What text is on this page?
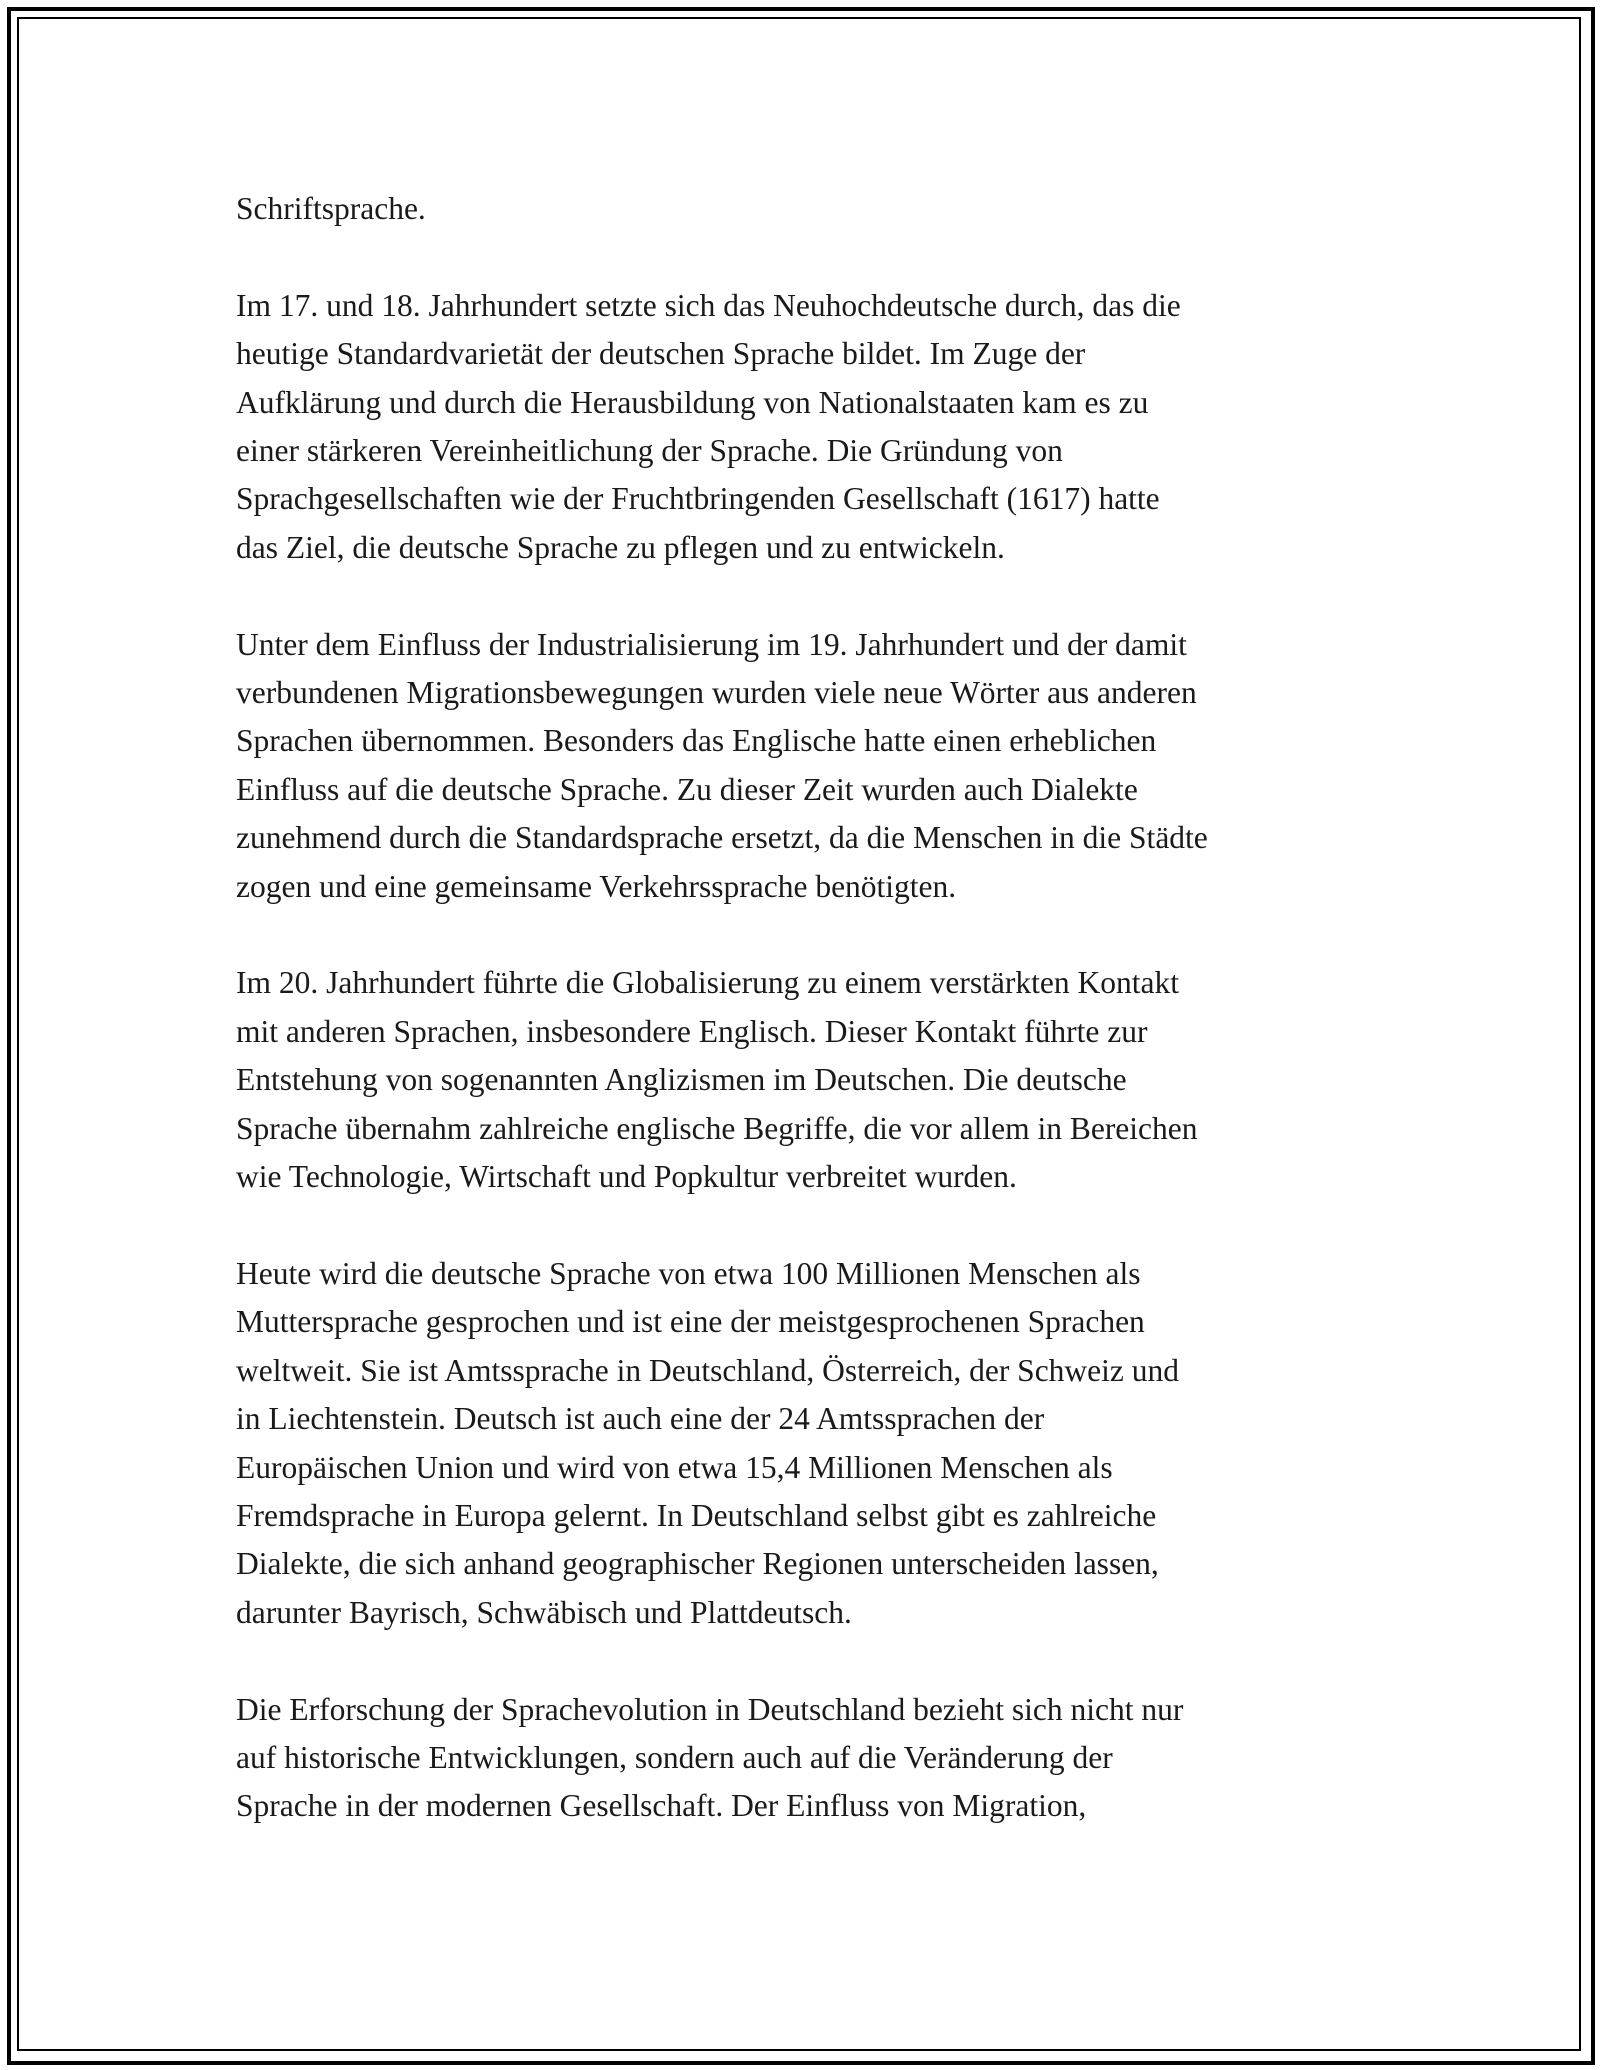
Schriftsprache.

Im 17. und 18. Jahrhundert setzte sich das Neuhochdeutsche durch, das die
heutige Standardvarietät der deutschen Sprache bildet. Im Zuge der
Aufklärung und durch die Herausbildung von Nationalstaaten kam es zu
einer stärkeren Vereinheitlichung der Sprache. Die Gründung von
Sprachgesellschaften wie der Fruchtbringenden Gesellschaft (1617) hatte
das Ziel, die deutsche Sprache zu pflegen und zu entwickeln.

Unter dem Einfluss der Industrialisierung im 19. Jahrhundert und der damit
verbundenen Migrationsbewegungen wurden viele neue Wörter aus anderen
Sprachen übernommen. Besonders das Englische hatte einen erheblichen
Einfluss auf die deutsche Sprache. Zu dieser Zeit wurden auch Dialekte
zunehmend durch die Standardsprache ersetzt, da die Menschen in die Städte
zogen und eine gemeinsame Verkehrssprache benötigten.

Im 20. Jahrhundert führte die Globalisierung zu einem verstärkten Kontakt
mit anderen Sprachen, insbesondere Englisch. Dieser Kontakt führte zur
Entstehung von sogenannten Anglizismen im Deutschen. Die deutsche
Sprache übernahm zahlreiche englische Begriffe, die vor allem in Bereichen
wie Technologie, Wirtschaft und Popkultur verbreitet wurden.

Heute wird die deutsche Sprache von etwa 100 Millionen Menschen als
Muttersprache gesprochen und ist eine der meistgesprochenen Sprachen
weltweit. Sie ist Amtssprache in Deutschland, Österreich, der Schweiz und
in Liechtenstein. Deutsch ist auch eine der 24 Amtssprachen der
Europäischen Union und wird von etwa 15,4 Millionen Menschen als
Fremdsprache in Europa gelernt. In Deutschland selbst gibt es zahlreiche
Dialekte, die sich anhand geographischer Regionen unterscheiden lassen,
darunter Bayrisch, Schwäbisch und Plattdeutsch.

Die Erforschung der Sprachevolution in Deutschland bezieht sich nicht nur
auf historische Entwicklungen, sondern auch auf die Veränderung der
Sprache in der modernen Gesellschaft. Der Einfluss von Migration,
